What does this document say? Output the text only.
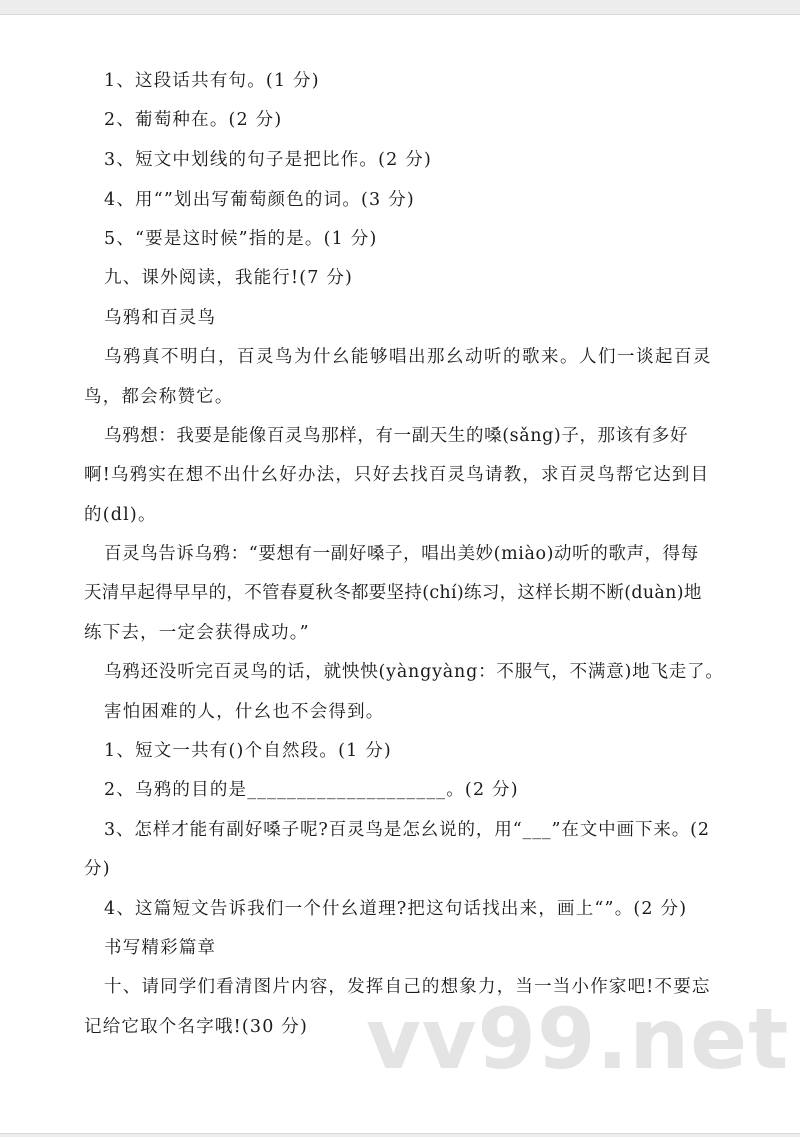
1、这段话共有句。(1 分)
2、葡萄种在。(2 分)
3、短文中划线的句子是把比作。(2 分)
4、用“”划出写葡萄颜色的词。(3 分)
5、“要是这时候”指的是。(1 分)
九、课外阅读，我能行!(7 分)
乌鸦和百灵鸟
乌鸦真不明白，百灵鸟为什幺能够唱出那幺动听的歌来。人们一谈起百灵
鸟，都会称赞它。
乌鸦想：我要是能像百灵鸟那样，有一副天生的嗓(sǎng)子，那该有多好
啊!乌鸦实在想不出什幺好办法，只好去找百灵鸟请教，求百灵鸟帮它达到目
的(dl)。
百灵鸟告诉乌鸦：“要想有一副好嗓子，唱出美妙(miào)动听的歌声，得每
天清早起得早早的，不管春夏秋冬都要坚持(chí)练习，这样长期不断(duàn)地
练下去，一定会获得成功。”
乌鸦还没听完百灵鸟的话，就怏怏(yàngyàng：不服气，不满意)地飞走了。
害怕困难的人，什幺也不会得到。
1、短文一共有()个自然段。(1 分)
2、乌鸦的目的是____________________。(2 分)
3、怎样才能有副好嗓子呢?百灵鸟是怎幺说的，用“___”在文中画下来。(2
分)
4、这篇短文告诉我们一个什幺道理?把这句话找出来，画上“”。(2 分)
书写精彩篇章
十、请同学们看清图片内容，发挥自己的想象力，当一当小作家吧!不要忘
记给它取个名字哦!(30 分) vv99.net
